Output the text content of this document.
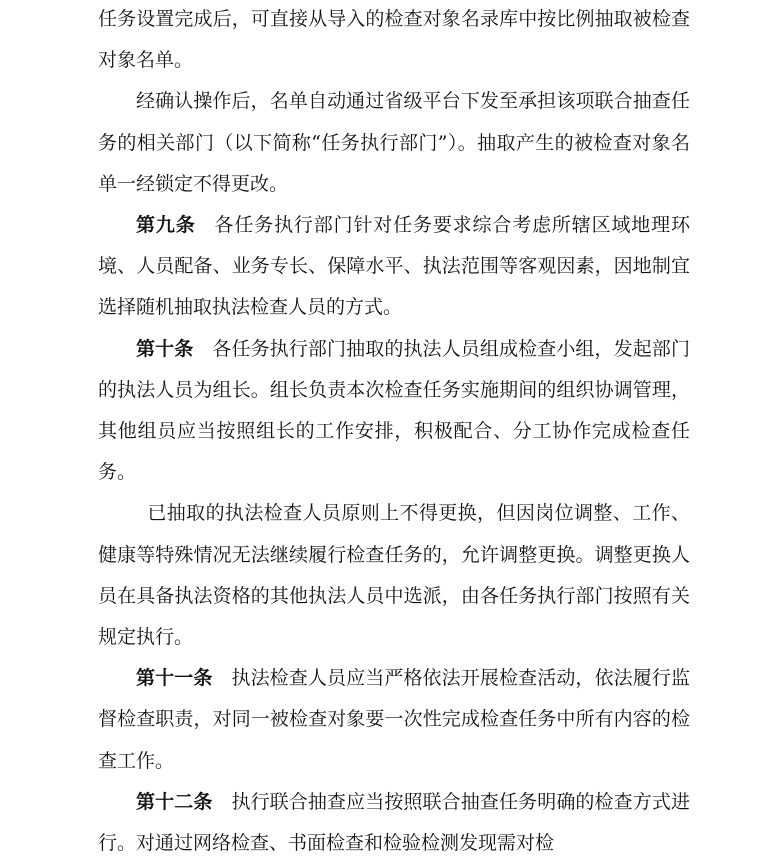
任务设置完成后，可直接从导入的检查对象名录库中按比例抽取被检查对象名单。

经确认操作后，名单自动通过省级平台下发至承担该项联合抽查任务的相关部门（以下简称“任务执行部门”）。抽取产生的被检查对象名单一经锁定不得更改。

第九条 各任务执行部门针对任务要求综合考虑所辖区域地理环境、人员配备、业务专长、保障水平、执法范围等客观因素，因地制宜选择随机抽取执法检查人员的方式。

第十条 各任务执行部门抽取的执法人员组成检查小组，发起部门的执法人员为组长。组长负责本次检查任务实施期间的组织协调管理，其他组员应当按照组长的工作安排，积极配合、分工协作完成检查任务。

已抽取的执法检查人员原则上不得更换，但因岗位调整、工作、健康等特殊情况无法继续履行检查任务的，允许调整更换。调整更换人员在具备执法资格的其他执法人员中选派，由各任务执行部门按照有关规定执行。

第十一条 执法检查人员应当严格依法开展检查活动，依法履行监督检查职责，对同一被检查对象要一次性完成检查任务中所有内容的检查工作。

第十二条 执行联合抽查应当按照联合抽查任务明确的检查方式进行。对通过网络检查、书面检查和检验检测发现需对检
